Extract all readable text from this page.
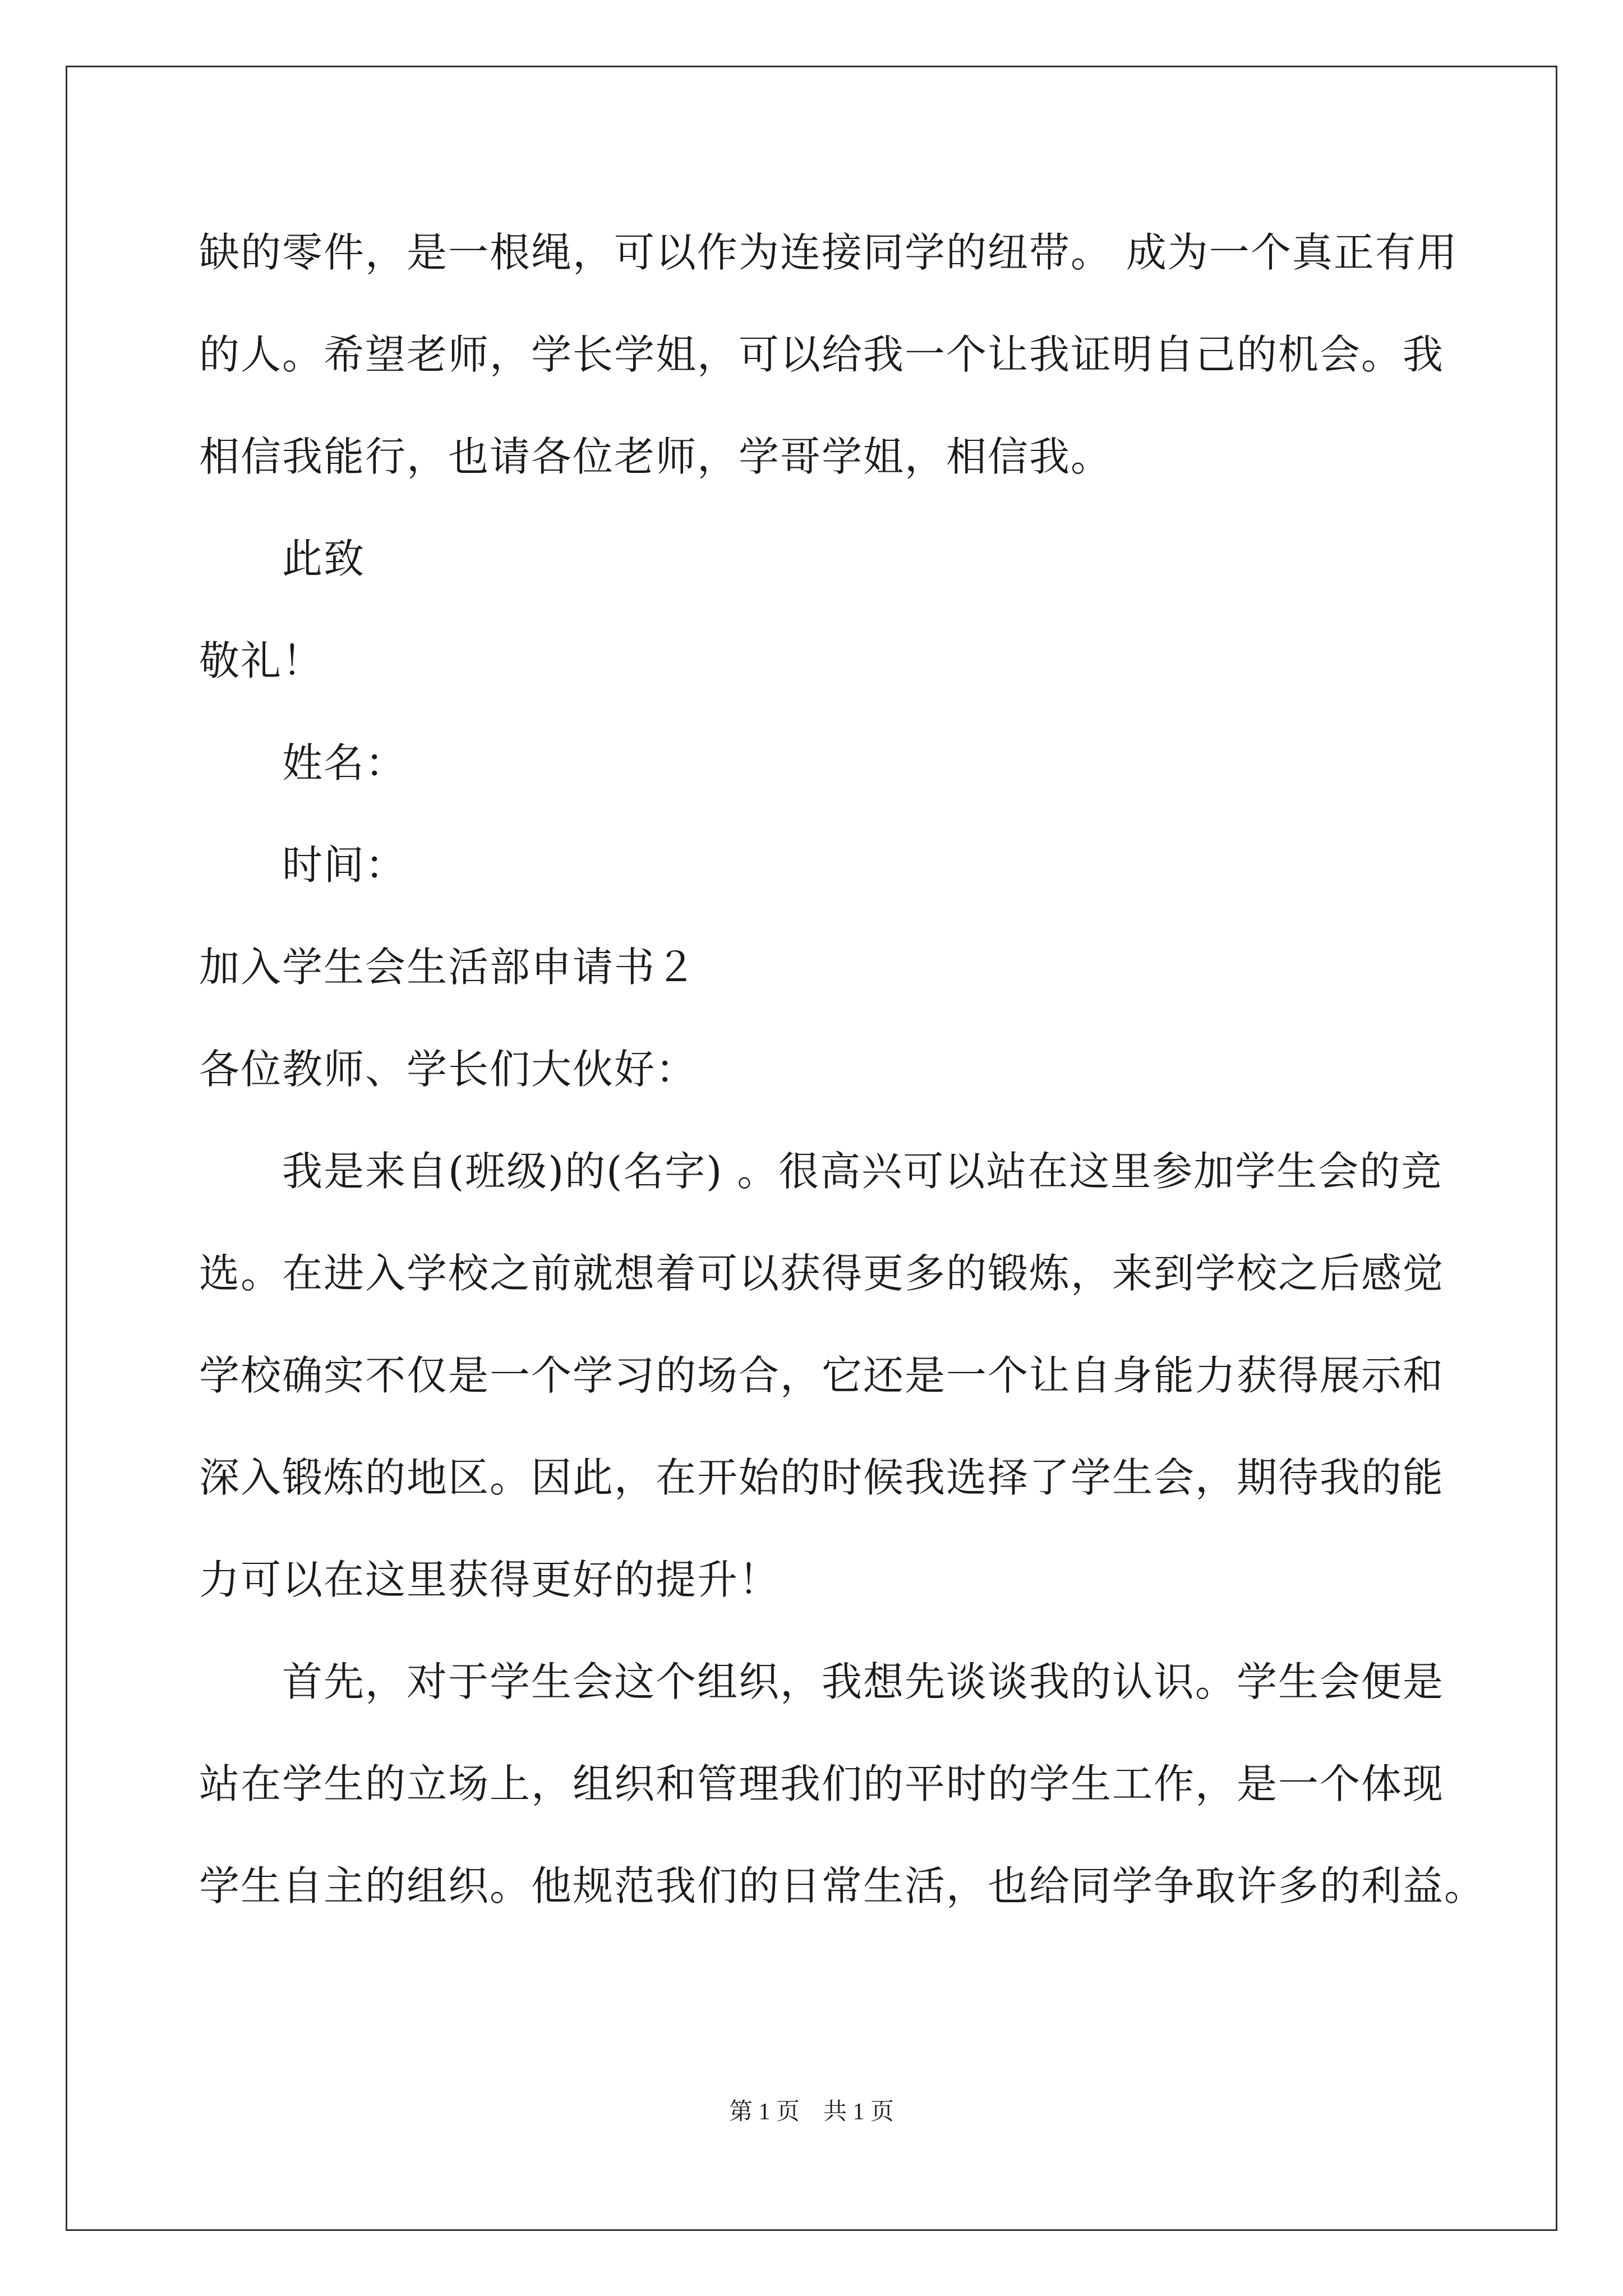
缺的零件，是一根绳，可以作为连接同学的纽带。 成为一个真正有用
的人。希望老师，学长学姐，可以给我一个让我证明自己的机会。我
相信我能行，也请各位老师，学哥学姐，相信我。
此致
敬礼！
姓名：
时间：
加入学生会生活部申请书２
各位教师、学长们大伙好：
我是来自(班级)的(名字) 。很高兴可以站在这里参加学生会的竞
选。在进入学校之前就想着可以获得更多的锻炼，来到学校之后感觉
学校确实不仅是一个学习的场合，它还是一个让自身能力获得展示和
深入锻炼的地区。因此，在开始的时候我选择了学生会，期待我的能
力可以在这里获得更好的提升！
首先，对于学生会这个组织，我想先谈谈我的认识。学生会便是
站在学生的立场上，组织和管理我们的平时的学生工作，是一个体现
学生自主的组织。他规范我们的日常生活，也给同学争取许多的利益。
第 1 页　共 1 页
